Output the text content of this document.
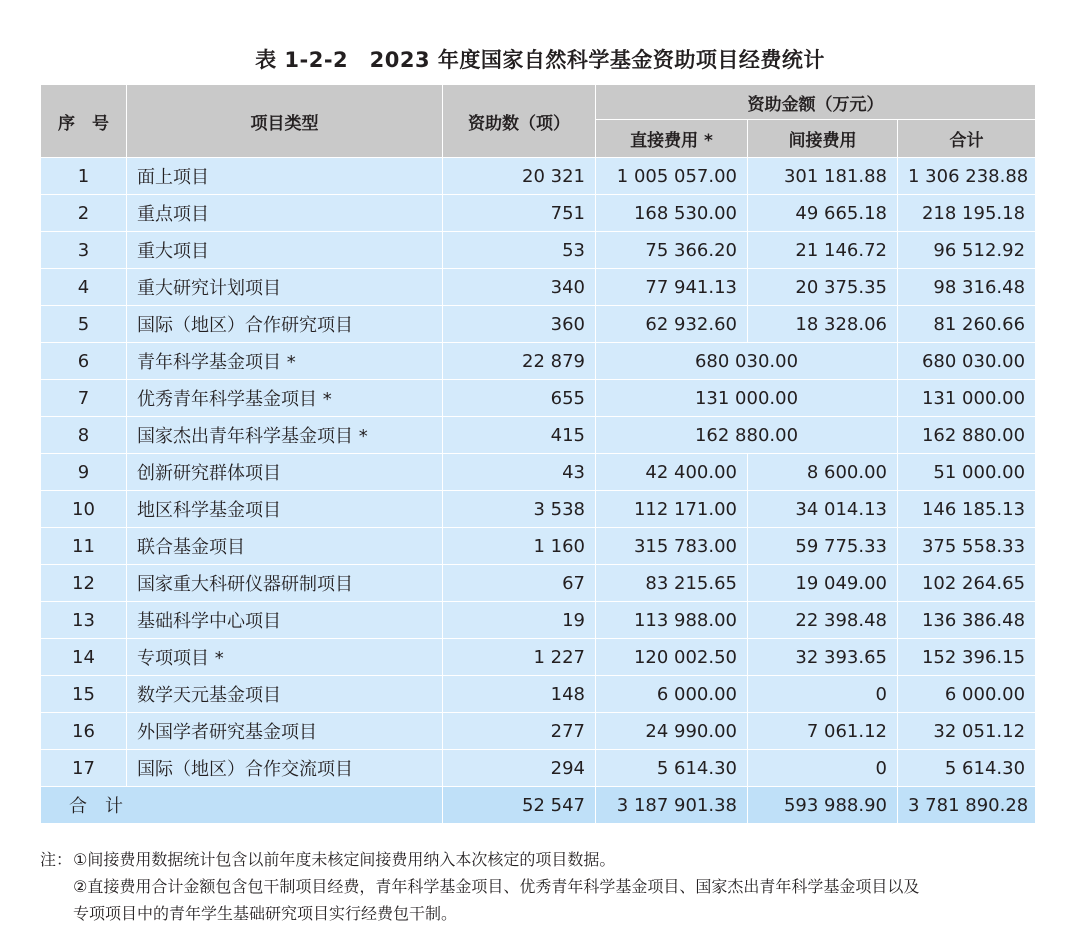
表 1-2-2　2023 年度国家自然科学基金资助项目经费统计
序　号	项目类型	资助数（项）	资助金额（万元）		
			直接费用 *	间接费用	合计
1	面上项目	20 321	1 005 057.00	301 181.88	1 306 238.88
2	重点项目	751	168 530.00	49 665.18	218 195.18
3	重大项目	53	75 366.20	21 146.72	96 512.92
4	重大研究计划项目	340	77 941.13	20 375.35	98 316.48
5	国际（地区）合作研究项目	360	62 932.60	18 328.06	81 260.66
6	青年科学基金项目 *	22 879	680 030.00		680 030.00
7	优秀青年科学基金项目 *	655	131 000.00		131 000.00
8	国家杰出青年科学基金项目 *	415	162 880.00		162 880.00
9	创新研究群体项目	43	42 400.00	8 600.00	51 000.00
10	地区科学基金项目	3 538	112 171.00	34 014.13	146 185.13
11	联合基金项目	1 160	315 783.00	59 775.33	375 558.33
12	国家重大科研仪器研制项目	67	83 215.65	19 049.00	102 264.65
13	基础科学中心项目	19	113 988.00	22 398.48	136 386.48
14	专项项目 *	1 227	120 002.50	32 393.65	152 396.15
15	数学天元基金项目	148	6 000.00	0	6 000.00
16	外国学者研究基金项目	277	24 990.00	7 061.12	32 051.12
17	国际（地区）合作交流项目	294	5 614.30	0	5 614.30
合　计		52 547	3 187 901.38	593 988.90	3 781 890.28
注： ①间接费用数据统计包含以前年度未核定间接费用纳入本次核定的项目数据。
②直接费用合计金额包含包干制项目经费，青年科学基金项目、优秀青年科学基金项目、国家杰出青年科学基金项目以及
专项项目中的青年学生基础研究项目实行经费包干制。
